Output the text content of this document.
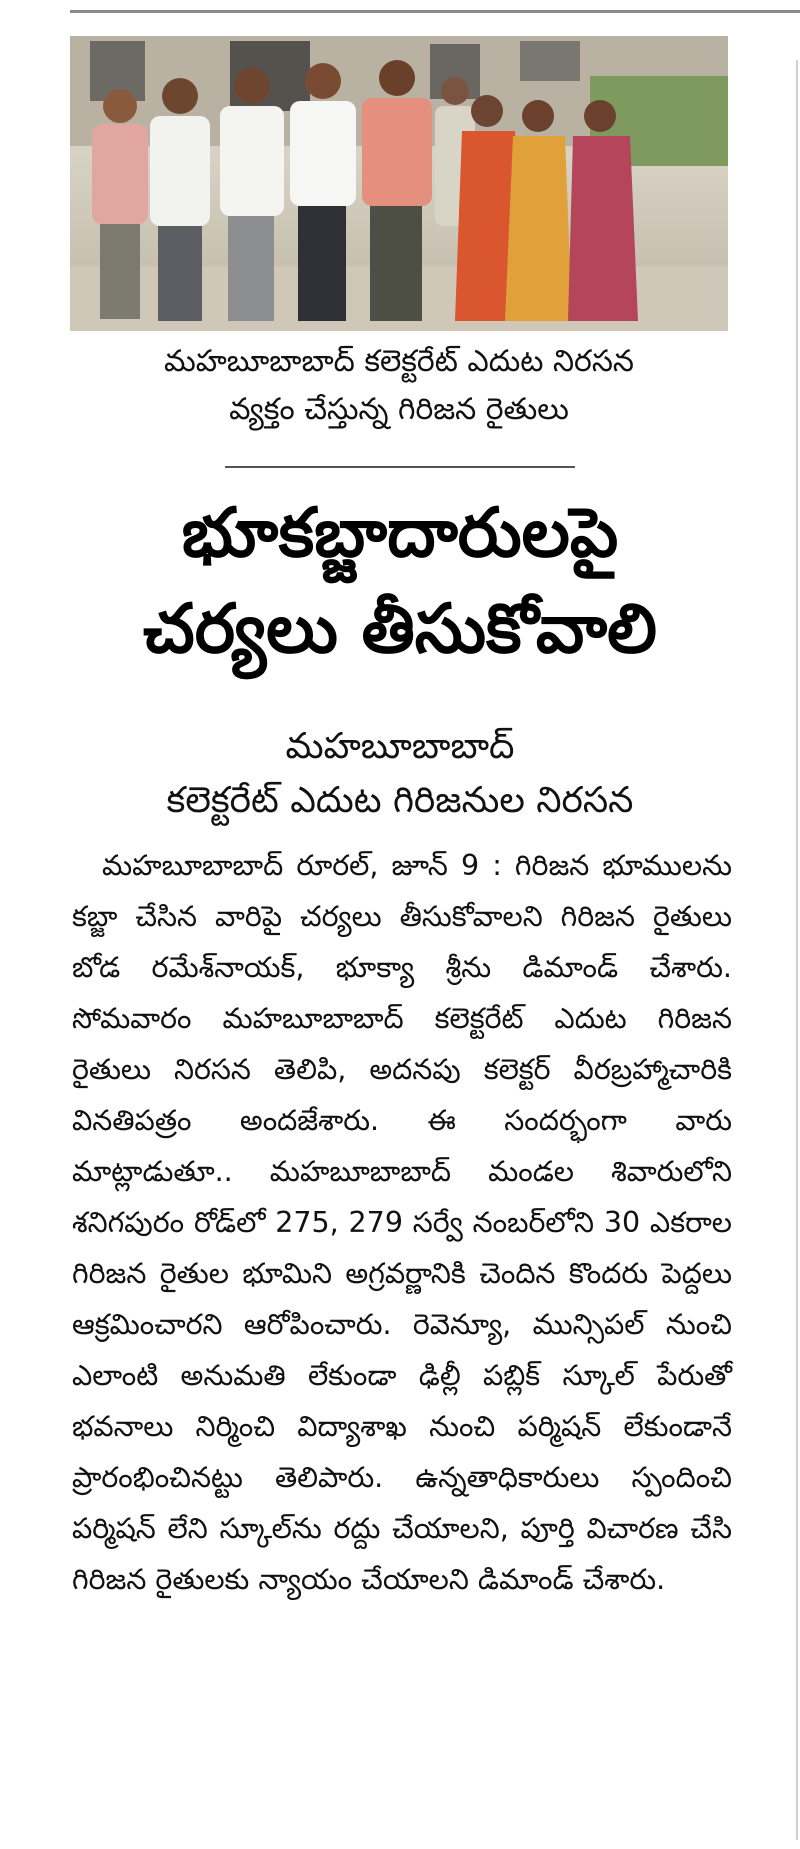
మహబూబాబాద్ కలెక్టరేట్ ఎదుట నిరసన
వ్యక్తం చేస్తున్న గిరిజన రైతులు
భూకబ్జాదారులపై
చర్యలు తీసుకోవాలి
మహబూబాబాద్
కలెక్టరేట్ ఎదుట గిరిజనుల నిరసన
మహబూబాబాద్ రూరల్, జూన్ 9 : గిరిజన భూములను కబ్జా చేసిన వారిపై చర్యలు తీసుకోవాలని గిరిజన రైతులు బోడ రమేశ్‌నాయక్, భూక్యా శ్రీను డిమాండ్ చేశారు. సోమవారం మహబూబాబాద్ కలెక్టరేట్ ఎదుట గిరిజన రైతులు నిరసన తెలిపి, అదనపు కలెక్టర్ వీరబ్రహ్మాచారికి వినతిపత్రం అందజేశారు. ఈ సందర్భంగా వారు మాట్లాడుతూ.. మహబూబాబాద్ మండల శివారులోని శనిగపురం రోడ్‌లో 275, 279 సర్వే నంబర్‌లోని 30 ఎకరాల గిరిజన రైతుల భూమిని అగ్రవర్ణానికి చెందిన కొందరు పెద్దలు ఆక్రమించారని ఆరోపించారు. రెవెన్యూ, మున్సిపల్ నుంచి ఎలాంటి అనుమతి లేకుండా ఢిల్లీ పబ్లిక్ స్కూల్ పేరుతో భవనాలు నిర్మించి విద్యాశాఖ నుంచి పర్మిషన్ లేకుండానే ప్రారంభించినట్టు తెలిపారు. ఉన్నతాధికారులు స్పందించి పర్మిషన్ లేని స్కూల్‌ను రద్దు చేయాలని, పూర్తి విచారణ చేసి గిరిజన రైతులకు న్యాయం చేయాలని డిమాండ్ చేశారు.
